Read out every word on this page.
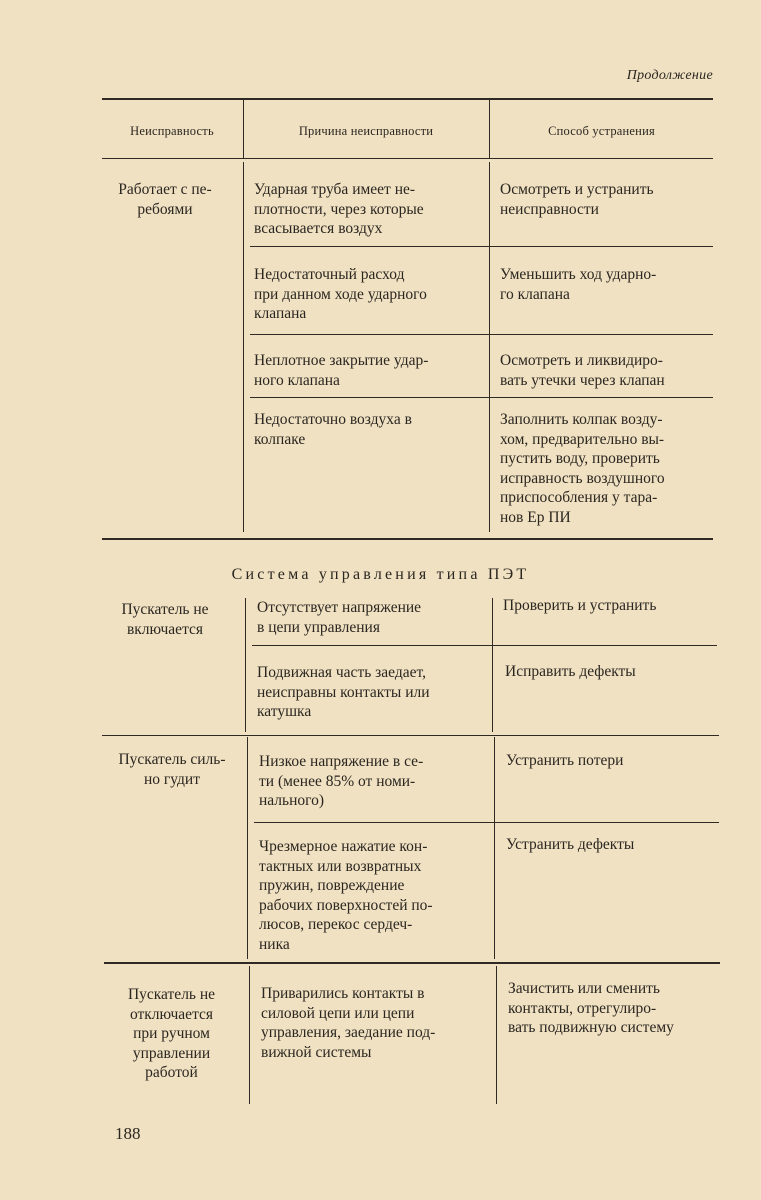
Продолжение
Неисправность	Причина неисправности	Способ устранения
Работает с пе-
ребоями
Ударная труба имеет не-
плотности, через которые
всасывается воздух
Осмотреть и устранить
неисправности
Недостаточный расход
при данном ходе ударного
клапана
Уменьшить ход ударно-
го клапана
Неплотное закрытие удар-
ного клапана
Осмотреть и ликвидиро-
вать утечки через клапан
Недостаточно воздуха в
колпаке
Заполнить колпак возду-
хом, предварительно вы-
пустить воду, проверить
исправность воздушного
приспособления у тара-
нов Ер ПИ
Система управления типа ПЭТ
Пускатель не
включается
Отсутствует напряжение
в цепи управления
Проверить и устранить
Подвижная часть заедает,
неисправны контакты или
катушка
Исправить дефекты
Пускатель силь-
но гудит
Низкое напряжение в се-
ти (менее 85% от номи-
нального)
Устранить потери
Чрезмерное нажатие кон-
тактных или возвратных
пружин, повреждение
рабочих поверхностей по-
люсов, перекос сердеч-
ника
Устранить дефекты
Пускатель не
отключается
при ручном
управлении
работой
Приварились контакты в
силовой цепи или цепи
управления, заедание под-
вижной системы
Зачистить или сменить
контакты, отрегулиро-
вать подвижную систему
188
